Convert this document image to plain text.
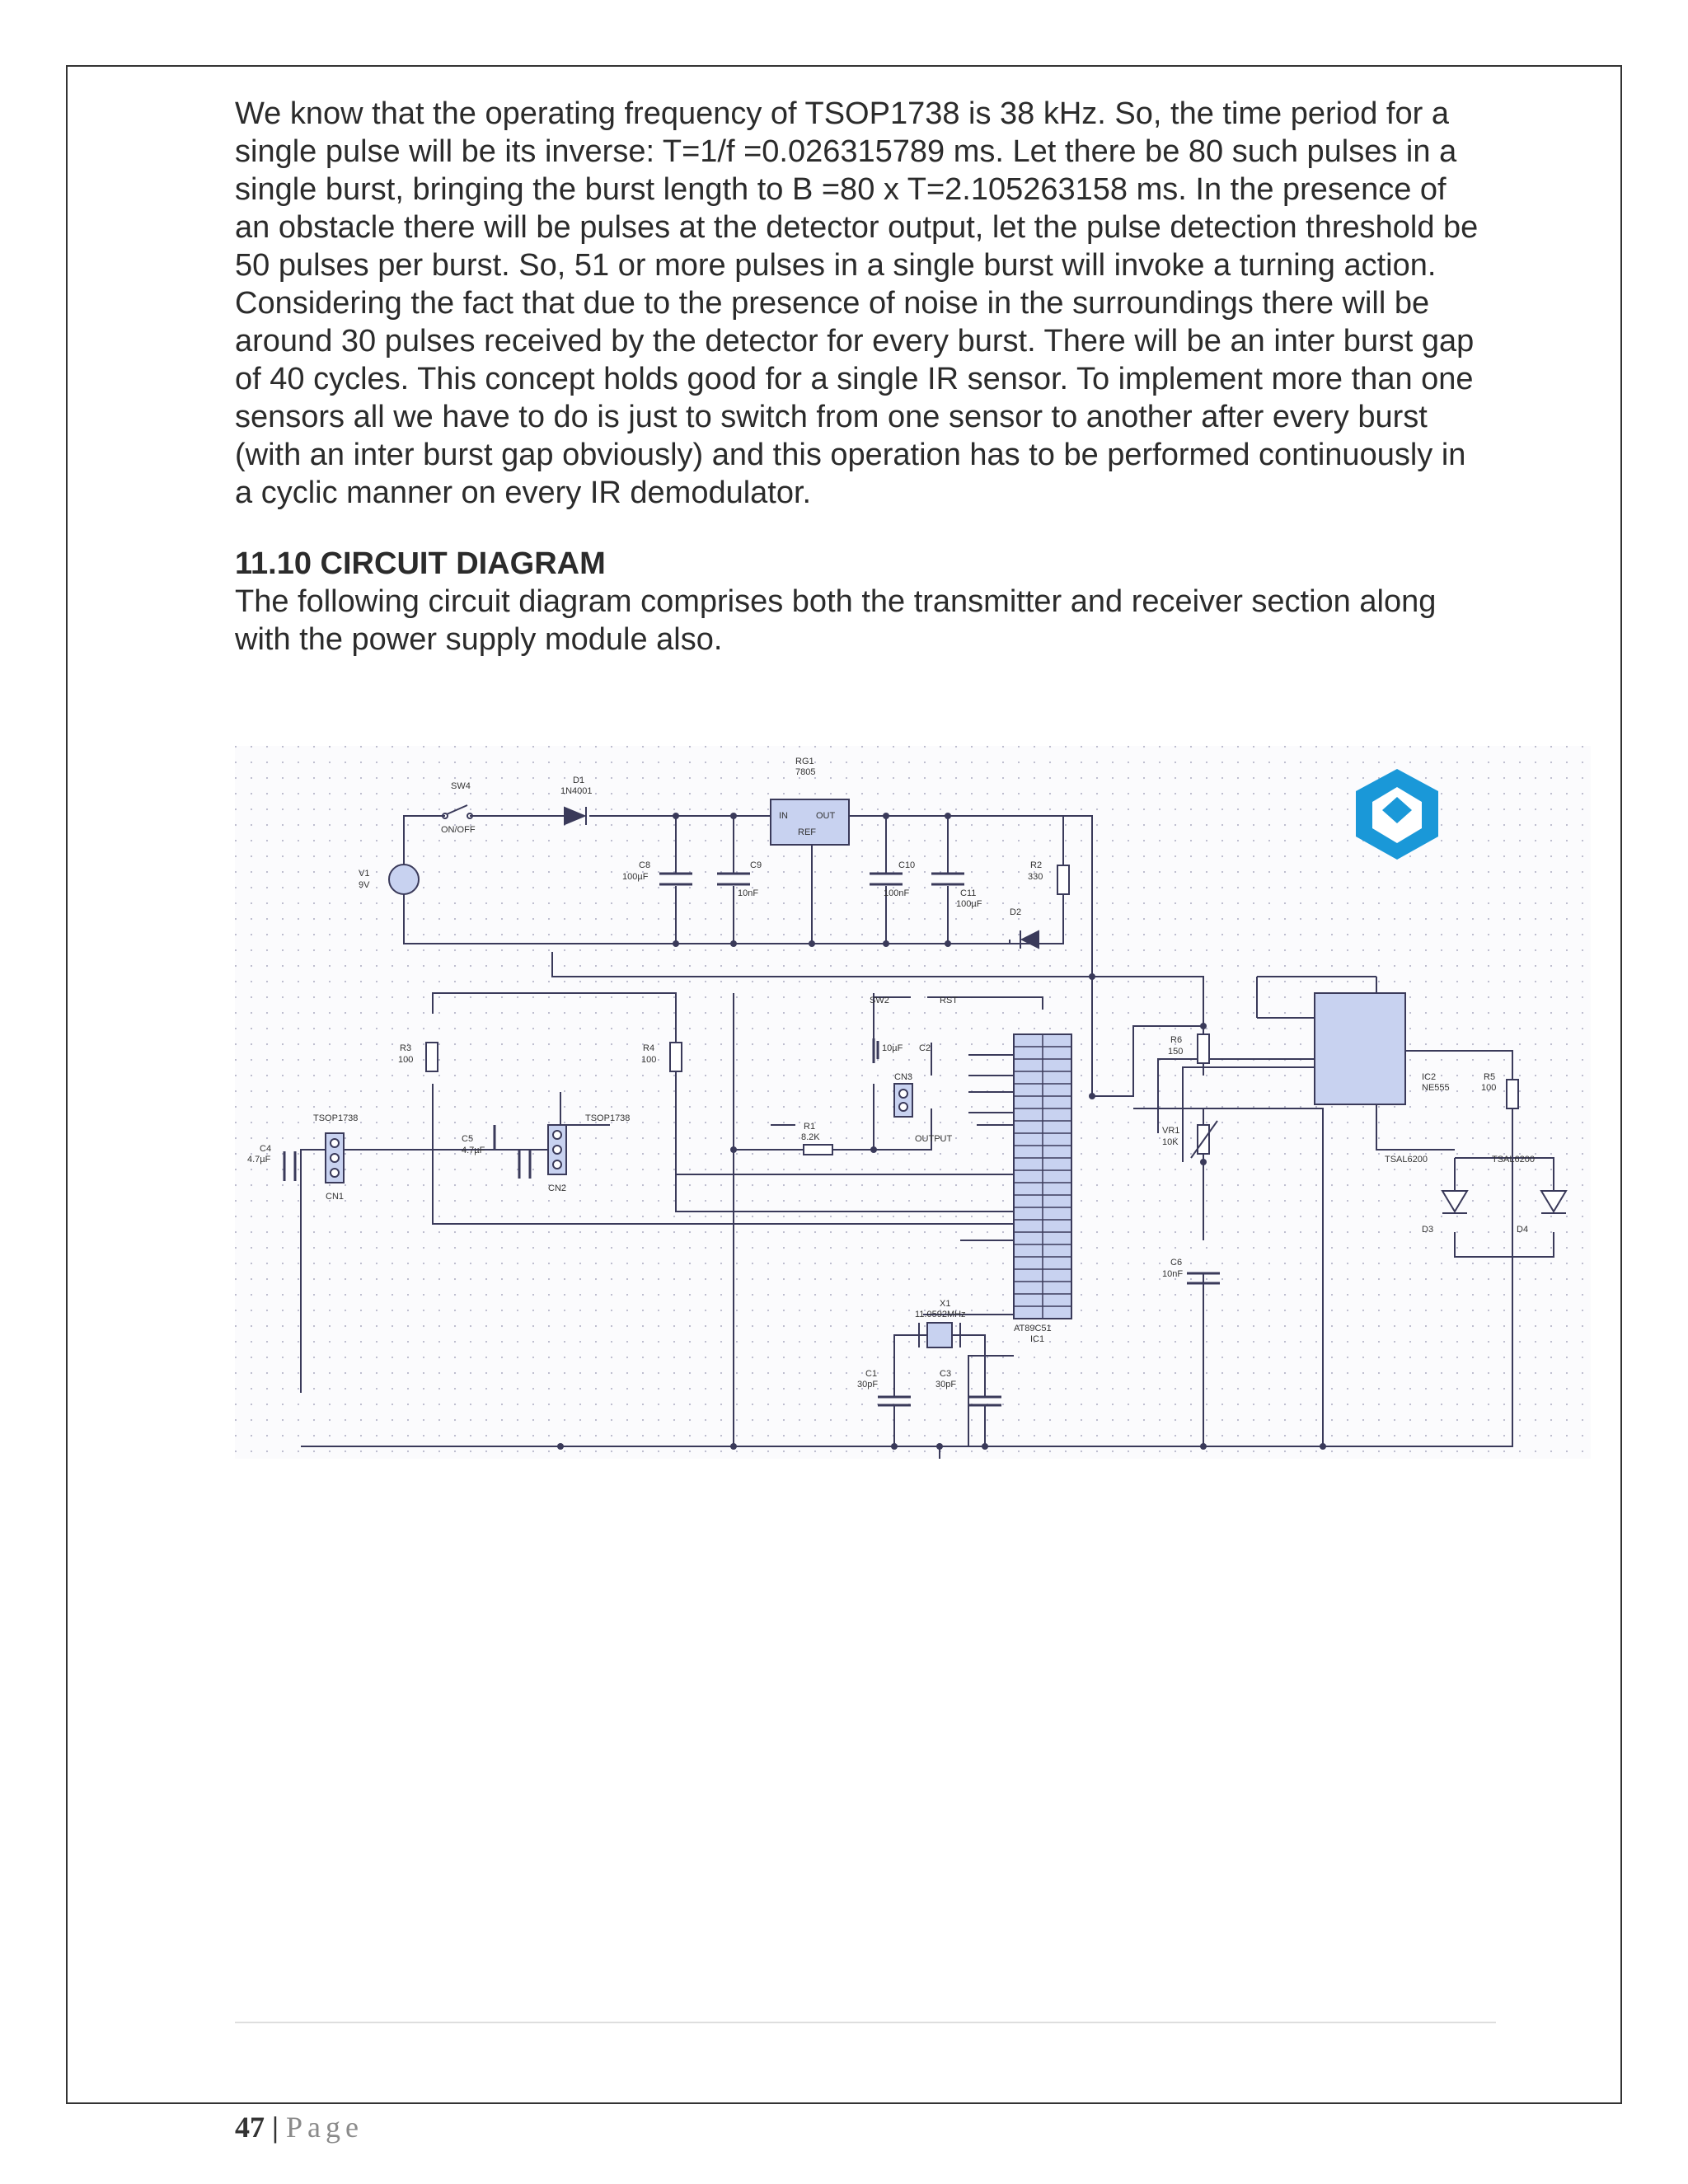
We know that the operating frequency of TSOP1738 is 38 kHz. So, the time period for a single pulse will be its inverse: T=1/f =0.026315789 ms. Let there be 80 such pulses in a single burst, bringing the burst length to B =80 x T=2.105263158 ms. In the presence of an obstacle there will be pulses at the detector output, let the pulse detection threshold be 50 pulses per burst. So, 51 or more pulses in a single burst will invoke a turning action. Considering the fact that due to the presence of noise in the surroundings there will be around 30 pulses received by the detector for every burst. There will be an inter burst gap of 40 cycles. This concept holds good for a single IR sensor. To implement more than one sensors all we have to do is just to switch from one sensor to another after every burst (with an inter burst gap obviously) and this operation has to be performed continuously in a cyclic manner on every IR demodulator.

11.10 CIRCUIT DIAGRAM

The following circuit diagram comprises both the transmitter and receiver section along with the power supply module also.

SW4
ON/OFF
D1
1N4001
RG1
7805
IN	OUT
REF
V1
9V
C8
100µF
C9
10nF
C10
100nF	C11
100µF
R2
330
D2
R3
100
R4
100
TSOP1738	TSOP1738
CN1
CN2
CN3
C4
4.7µF
C5
4.7µF
SW2	RST
10µF C2
OUTPUT
R1
8.2K
AT89C51
IC1
X1
11.0592MHz
C1
30pF
C3
30pF
R6
150
VR1
10K
C6
10nF
IC2
NE555
R5
100
TSAL6200	TSAL6200
D3	D4
47 | Page
